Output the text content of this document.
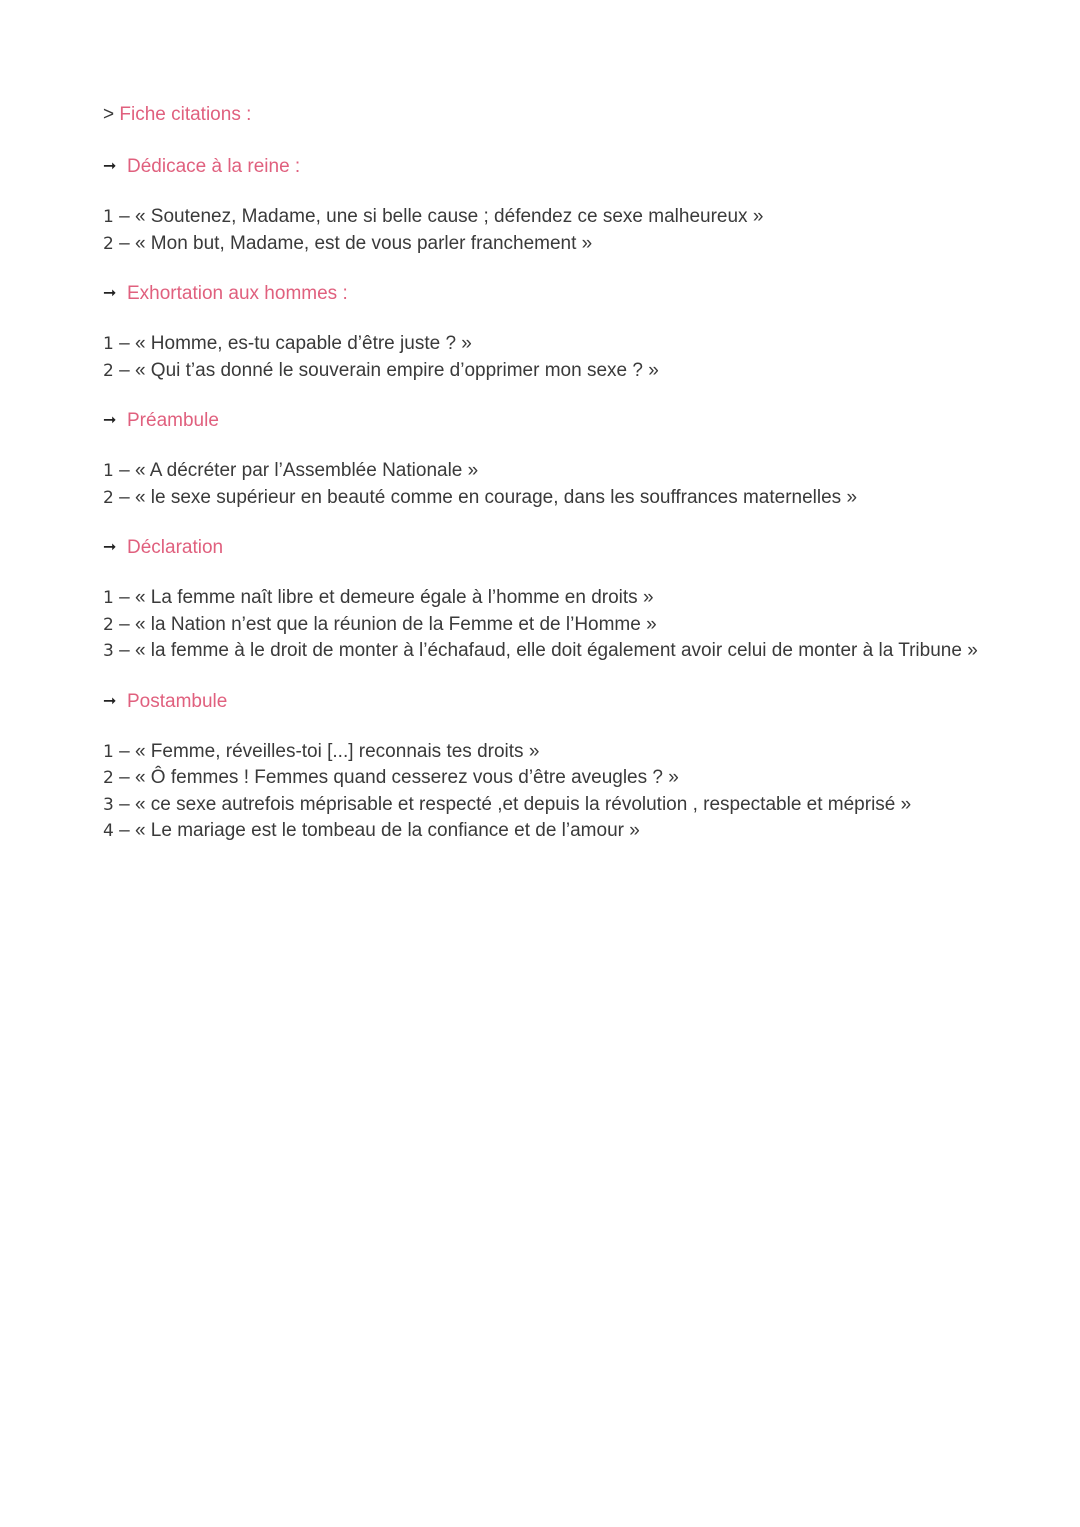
> Fiche citations :
➞ Dédicace à la reine :

1 – « Soutenez, Madame, une si belle cause ; défendez ce sexe malheureux »

2 – « Mon but, Madame, est de vous parler franchement »

➞ Exhortation aux hommes :

1 – « Homme, es-tu capable d’être juste ? »

2 – « Qui t’as donné le souverain empire d’opprimer mon sexe ? »

➞ Préambule

1 – « A décréter par l’Assemblée Nationale »

2 – « le sexe supérieur en beauté comme en courage, dans les souffrances maternelles »

➞ Déclaration

1 – « La femme naît libre et demeure égale à l’homme en droits »

2 – « la Nation n’est que la réunion de la Femme et de l’Homme »

3 – « la femme à le droit de monter à l’échafaud, elle doit également avoir celui de monter à la Tribune »

➞ Postambule

1 – « Femme, réveilles-toi [...] reconnais tes droits »

2 – « Ô femmes ! Femmes quand cesserez vous d’être aveugles ? »

3 – « ce sexe autrefois méprisable et respecté ,et depuis la révolution , respectable et méprisé »

4 – « Le mariage est le tombeau de la confiance et de l’amour »
